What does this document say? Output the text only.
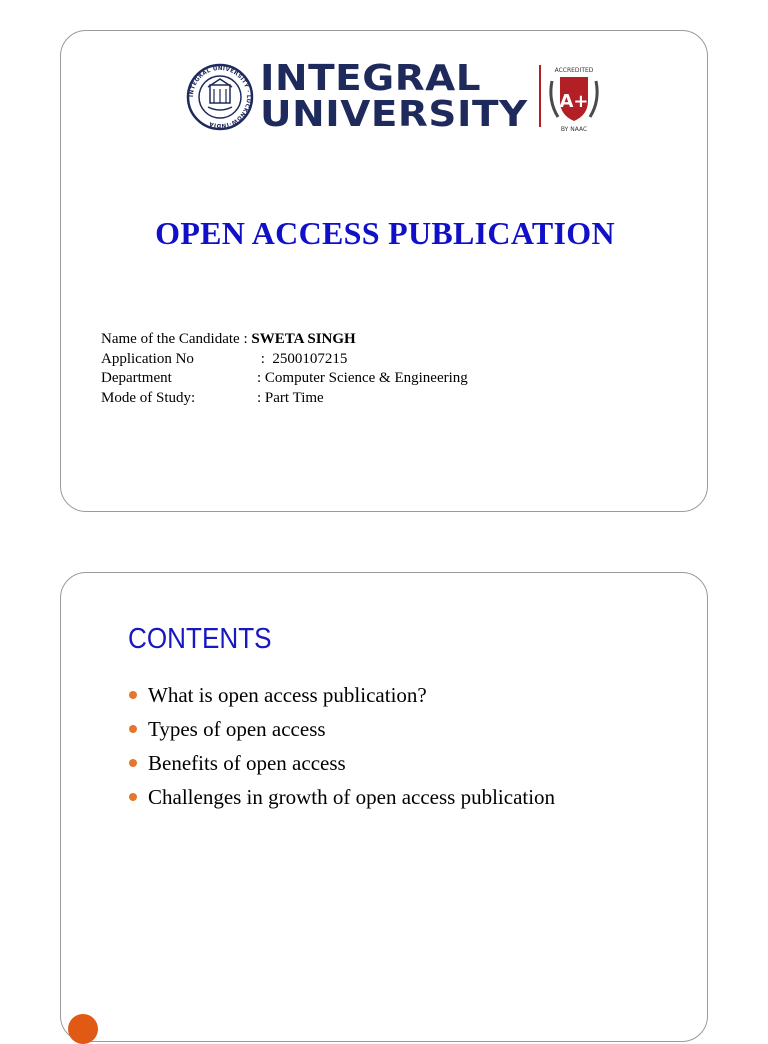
INTEGRAL UNIVERSITY · LUCKNOW·INDIA
INTEGRAL
UNIVERSITY
ACCREDITED
A+
BY NAAC
OPEN ACCESS PUBLICATION
Name of the Candidate : SWETA SINGH
Application No	:  2500107215
Department	: Computer Science & Engineering
Mode of Study:	: Part Time
CONTENTS
What is open access publication?
Types of open access
Benefits of open access
Challenges in growth of open access publication
